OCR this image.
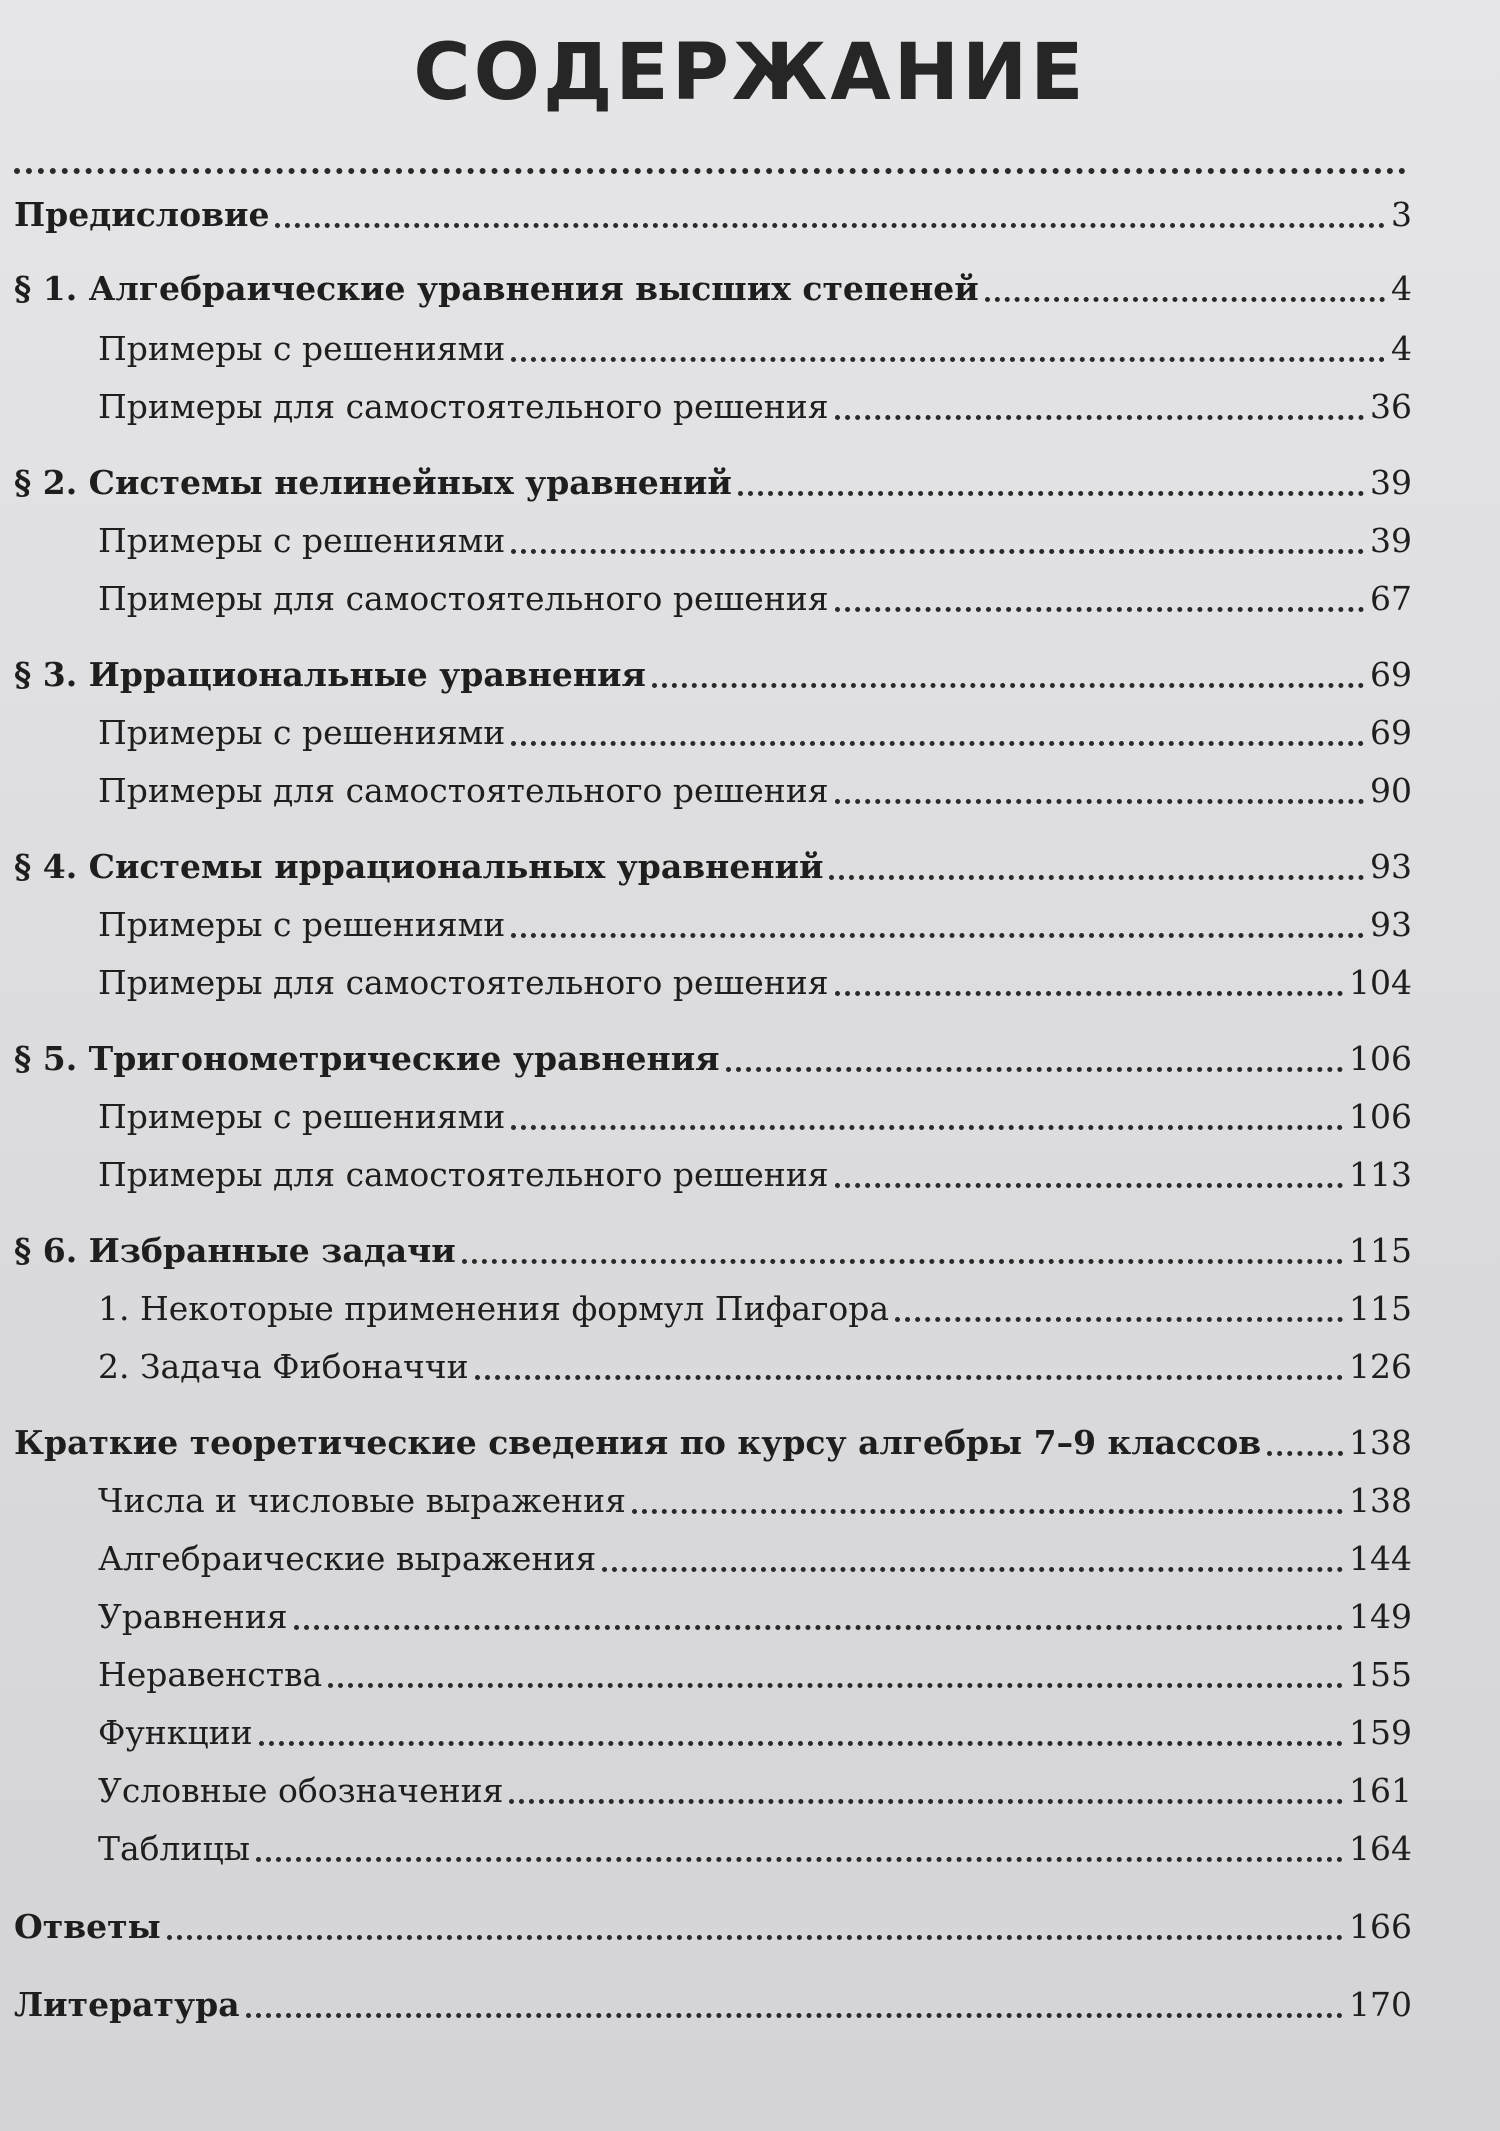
СОДЕРЖАНИЕ
Предисловие	3
§ 1. Алгебраические уравнения высших степеней	4
Примеры с решениями	4
Примеры для самостоятельного решения	36
§ 2. Системы нелинейных уравнений	39
Примеры с решениями	39
Примеры для самостоятельного решения	67
§ 3. Иррациональные уравнения	69
Примеры с решениями	69
Примеры для самостоятельного решения	90
§ 4. Системы иррациональных уравнений	93
Примеры с решениями	93
Примеры для самостоятельного решения	104
§ 5. Тригонометрические уравнения	106
Примеры с решениями	106
Примеры для самостоятельного решения	113
§ 6. Избранные задачи	115
1. Некоторые применения формул Пифагора	115
2. Задача Фибоначчи	126
Краткие теоретические сведения по курсу алгебры 7–9 классов	138
Числа и числовые выражения	138
Алгебраические выражения	144
Уравнения	149
Неравенства	155
Функции	159
Условные обозначения	161
Таблицы	164
Ответы	166
Литература	170
